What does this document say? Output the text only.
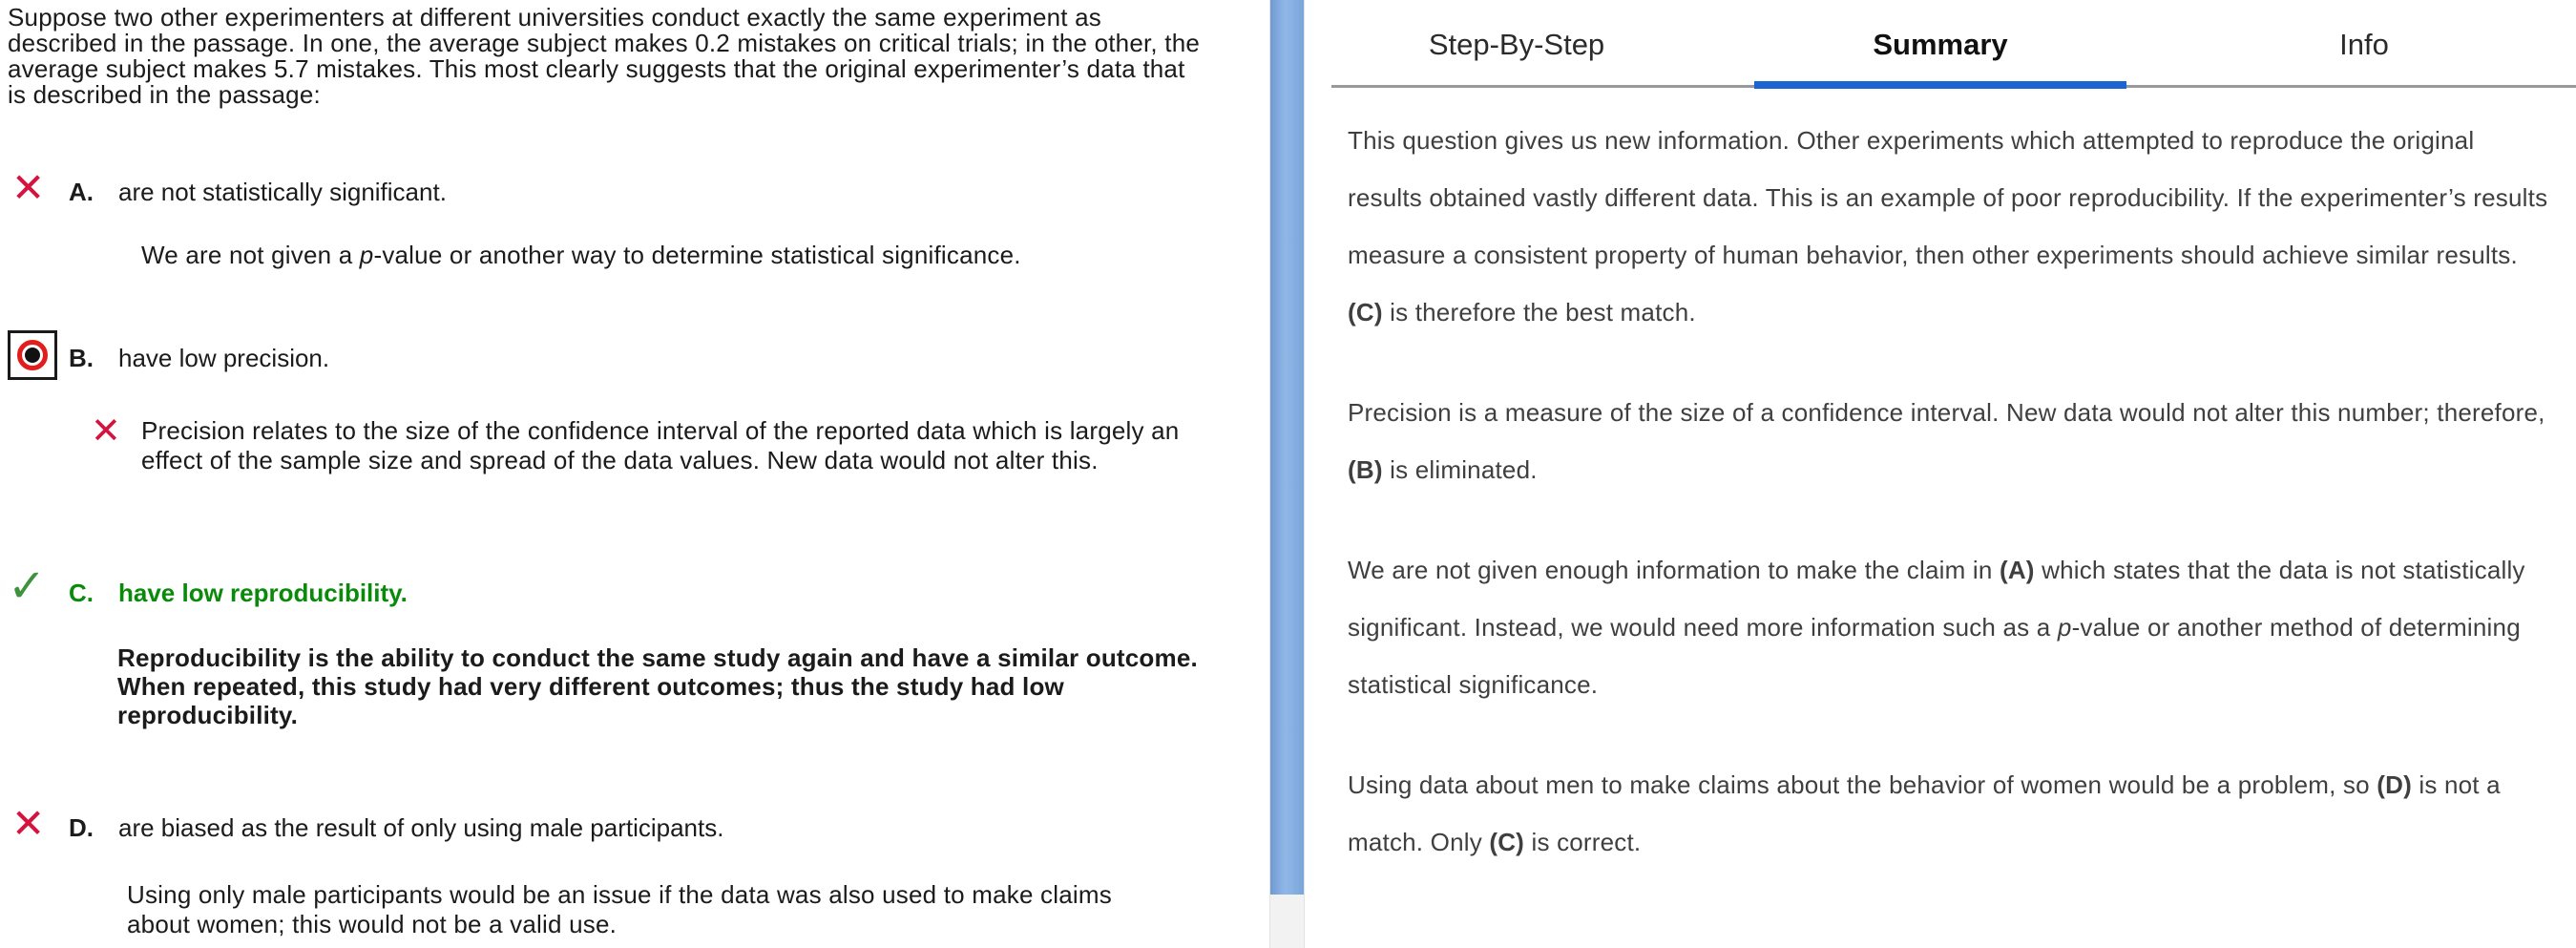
Suppose two other experimenters at different universities conduct exactly the same experiment as described in the passage. In one, the average subject makes 0.2 mistakes on critical trials; in the other, the average subject makes 5.7 mistakes. This most clearly suggests that the original experimenter’s data that is described in the passage:
✕ A. are not statistically significant.
We are not given a p-value or another way to determine statistical significance.
B. have low precision.
✕ Precision relates to the size of the confidence interval of the reported data which is largely an effect of the sample size and spread of the data values. New data would not alter this.
✓ C. have low reproducibility.
Reproducibility is the ability to conduct the same study again and have a similar outcome. When repeated, this study had very different outcomes; thus the study had low reproducibility.
✕ D. are biased as the result of only using male participants.
Using only male participants would be an issue if the data was also used to make claims about women; this would not be a valid use.
Step-By-Step	Summary	Info

This question gives us new information. Other experiments which attempted to reproduce the original results obtained vastly different data. This is an example of poor reproducibility. If the experimenter’s results measure a consistent property of human behavior, then other experiments should achieve similar results. (C) is therefore the best match.

Precision is a measure of the size of a confidence interval. New data would not alter this number; therefore, (B) is eliminated.

We are not given enough information to make the claim in (A) which states that the data is not statistically significant. Instead, we would need more information such as a p-value or another method of determining statistical significance.

Using data about men to make claims about the behavior of women would be a problem, so (D) is not a match. Only (C) is correct.
